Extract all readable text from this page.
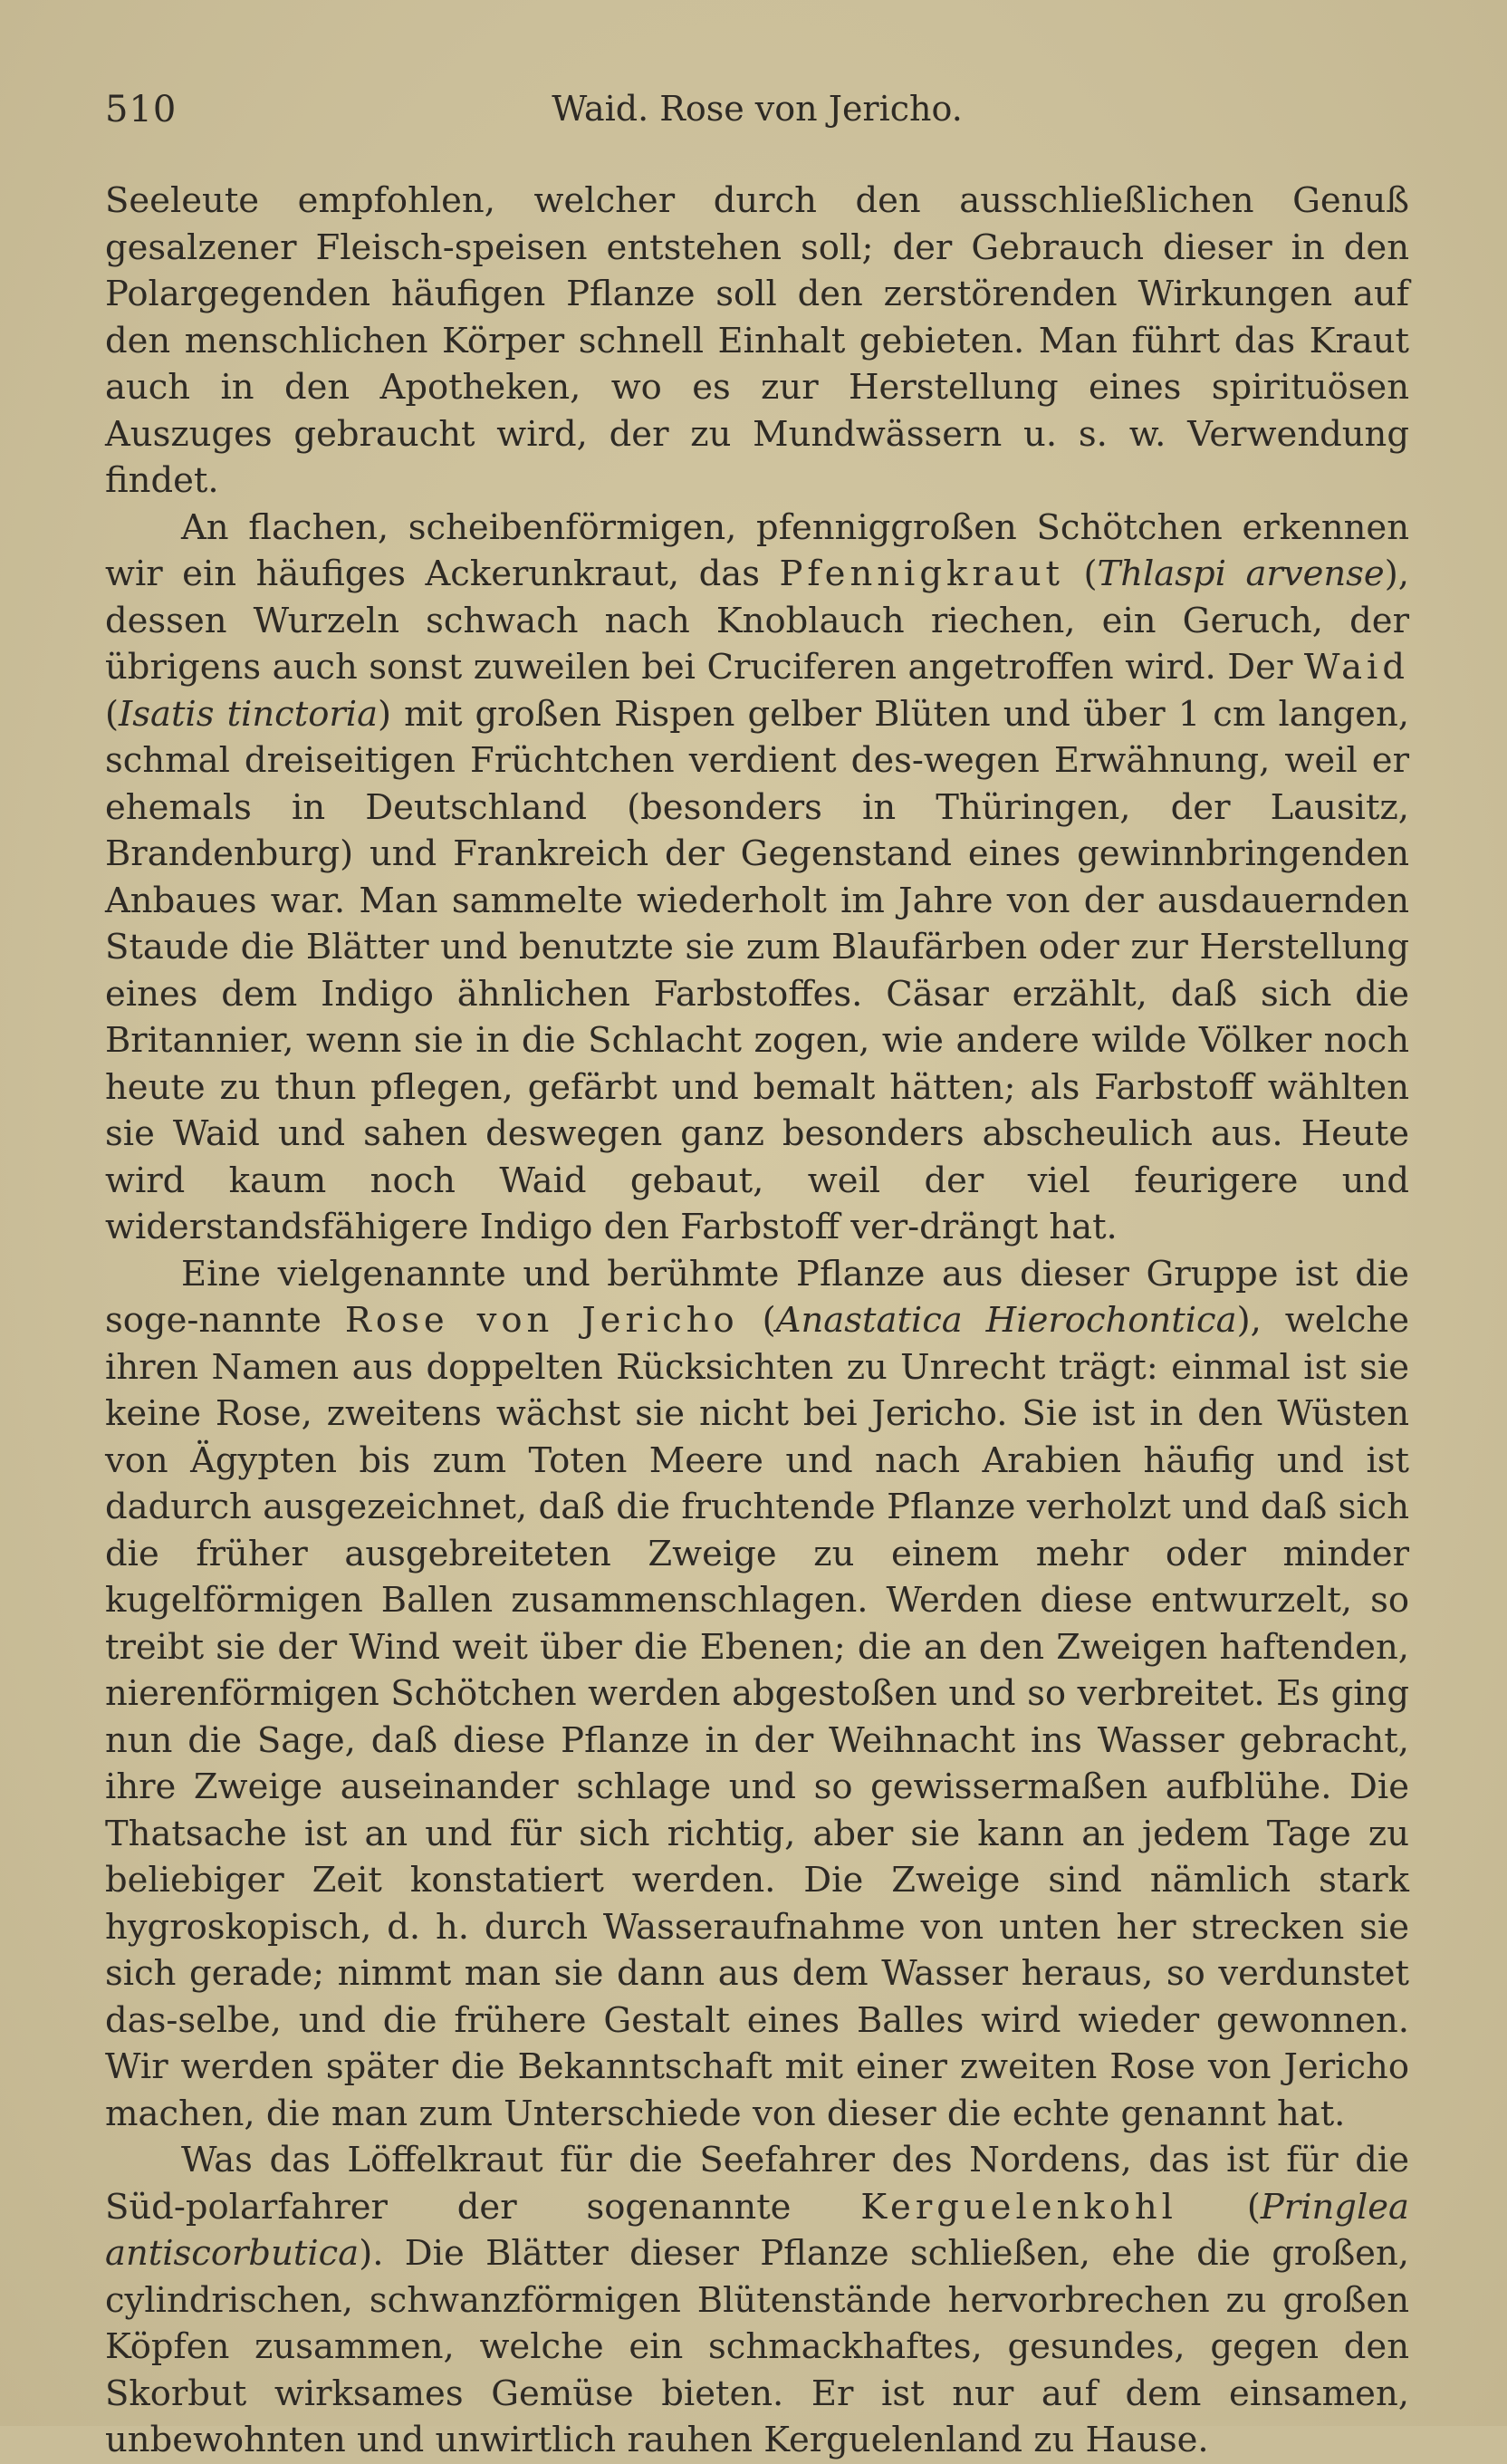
510	Waid. Rose von Jericho.

Seeleute empfohlen, welcher durch den ausschließlichen Genuß gesalzener Fleisch-speisen entstehen soll; der Gebrauch dieser in den Polargegenden häufigen Pflanze soll den zerstörenden Wirkungen auf den menschlichen Körper schnell Einhalt gebieten. Man führt das Kraut auch in den Apotheken, wo es zur Herstellung eines spirituösen Auszuges gebraucht wird, der zu Mundwässern u. s. w. Verwendung findet.

An flachen, scheibenförmigen, pfenniggroßen Schötchen erkennen wir ein häufiges Ackerunkraut, das Pfennigkraut (Thlaspi arvense), dessen Wurzeln schwach nach Knoblauch riechen, ein Geruch, der übrigens auch sonst zuweilen bei Cruciferen angetroffen wird. Der Waid (Isatis tinctoria) mit großen Rispen gelber Blüten und über 1 cm langen, schmal dreiseitigen Früchtchen verdient des-wegen Erwähnung, weil er ehemals in Deutschland (besonders in Thüringen, der Lausitz, Brandenburg) und Frankreich der Gegenstand eines gewinnbringenden Anbaues war. Man sammelte wiederholt im Jahre von der ausdauernden Staude die Blätter und benutzte sie zum Blaufärben oder zur Herstellung eines dem Indigo ähnlichen Farbstoffes. Cäsar erzählt, daß sich die Britannier, wenn sie in die Schlacht zogen, wie andere wilde Völker noch heute zu thun pflegen, gefärbt und bemalt hätten; als Farbstoff wählten sie Waid und sahen deswegen ganz besonders abscheulich aus. Heute wird kaum noch Waid gebaut, weil der viel feurigere und widerstandsfähigere Indigo den Farbstoff ver-drängt hat.

Eine vielgenannte und berühmte Pflanze aus dieser Gruppe ist die soge-nannte Rose von Jericho (Anastatica Hierochontica), welche ihren Namen aus doppelten Rücksichten zu Unrecht trägt: einmal ist sie keine Rose, zweitens wächst sie nicht bei Jericho. Sie ist in den Wüsten von Ägypten bis zum Toten Meere und nach Arabien häufig und ist dadurch ausgezeichnet, daß die fruchtende Pflanze verholzt und daß sich die früher ausgebreiteten Zweige zu einem mehr oder minder kugelförmigen Ballen zusammenschlagen. Werden diese entwurzelt, so treibt sie der Wind weit über die Ebenen; die an den Zweigen haftenden, nierenförmigen Schötchen werden abgestoßen und so verbreitet. Es ging nun die Sage, daß diese Pflanze in der Weihnacht ins Wasser gebracht, ihre Zweige auseinander schlage und so gewissermaßen aufblühe. Die Thatsache ist an und für sich richtig, aber sie kann an jedem Tage zu beliebiger Zeit konstatiert werden. Die Zweige sind nämlich stark hygroskopisch, d. h. durch Wasseraufnahme von unten her strecken sie sich gerade; nimmt man sie dann aus dem Wasser heraus, so verdunstet das-selbe, und die frühere Gestalt eines Balles wird wieder gewonnen. Wir werden später die Bekanntschaft mit einer zweiten Rose von Jericho machen, die man zum Unterschiede von dieser die echte genannt hat.

Was das Löffelkraut für die Seefahrer des Nordens, das ist für die Süd-polarfahrer der sogenannte Kerguelenkohl (Pringlea antiscorbutica). Die Blätter dieser Pflanze schließen, ehe die großen, cylindrischen, schwanzförmigen Blütenstände hervorbrechen zu großen Köpfen zusammen, welche ein schmackhaftes, gesundes, gegen den Skorbut wirksames Gemüse bieten. Er ist nur auf dem einsamen, unbewohnten und unwirtlich rauhen Kerguelenland zu Hause.
